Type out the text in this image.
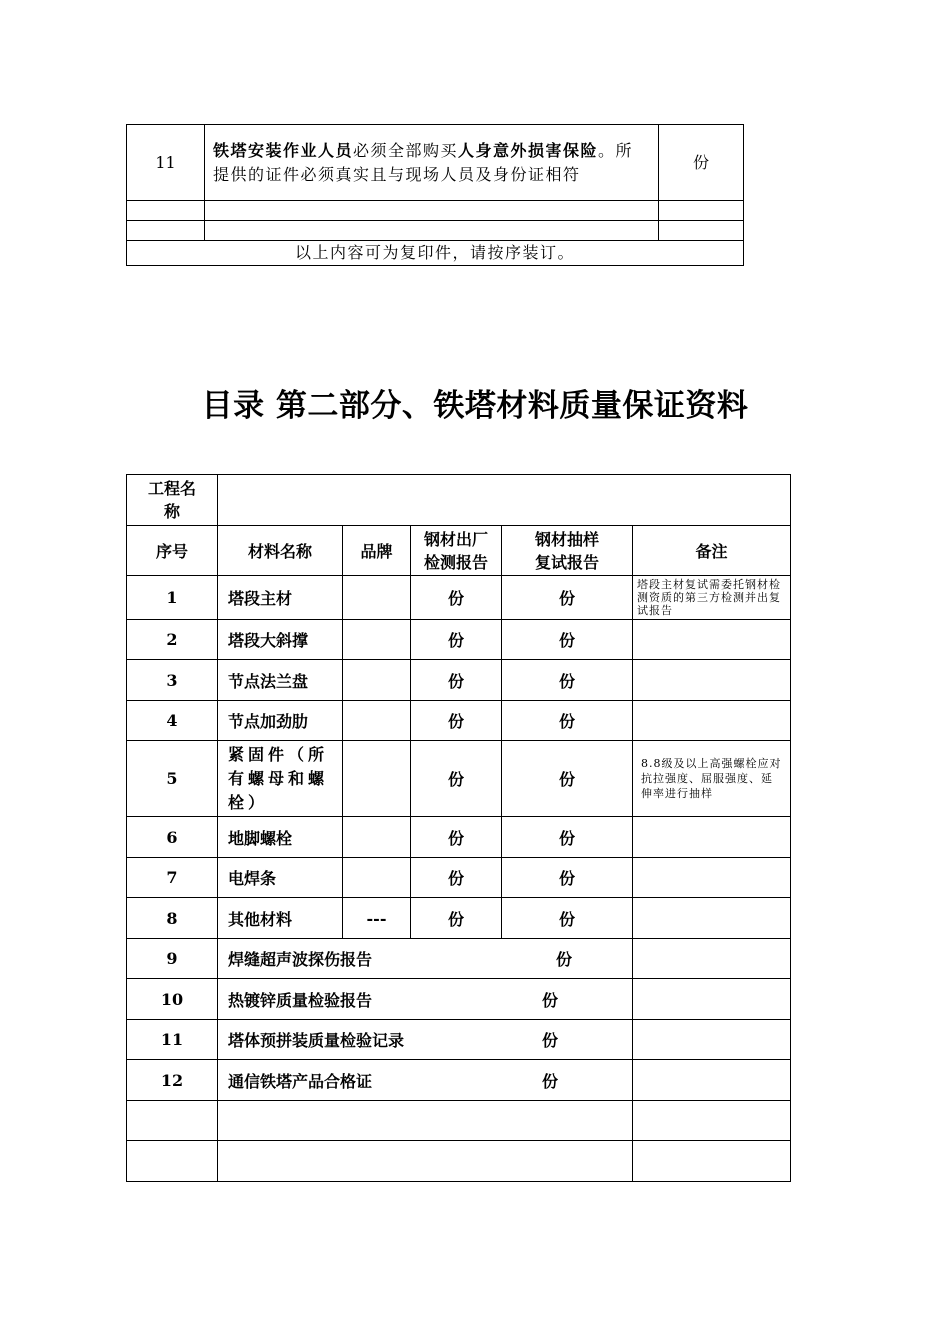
11	铁塔安装作业人员必须全部购买人身意外损害保险。所提供的证件必须真实且与现场人员及身份证相符	份

以上内容可为复印件，请按序装订。		
目录 第二部分、铁塔材料质量保证资料
工程名称					
序号	材料名称	品牌	钢材出厂检测报告	钢材抽样复试报告	备注
1	塔段主材		份	份	塔段主材复试需委托钢材检测资质的第三方检测并出复试报告
2	塔段大斜撑		份	份	
3	节点法兰盘		份	份	
4	节点加劲肋		份	份	
5	紧固件（所有螺母和螺栓）		份	份	8.8级及以上高强螺栓应对抗拉强度、屈服强度、延伸率进行抽样
6	地脚螺栓		份	份	
7	电焊条		份	份	
8	其他材料	---	份	份	
9	焊缝超声波探伤报告 份				
10	热镀锌质量检验报告 份				
11	塔体预拼装质量检验记录 份				
12	通信铁塔产品合格证 份				
